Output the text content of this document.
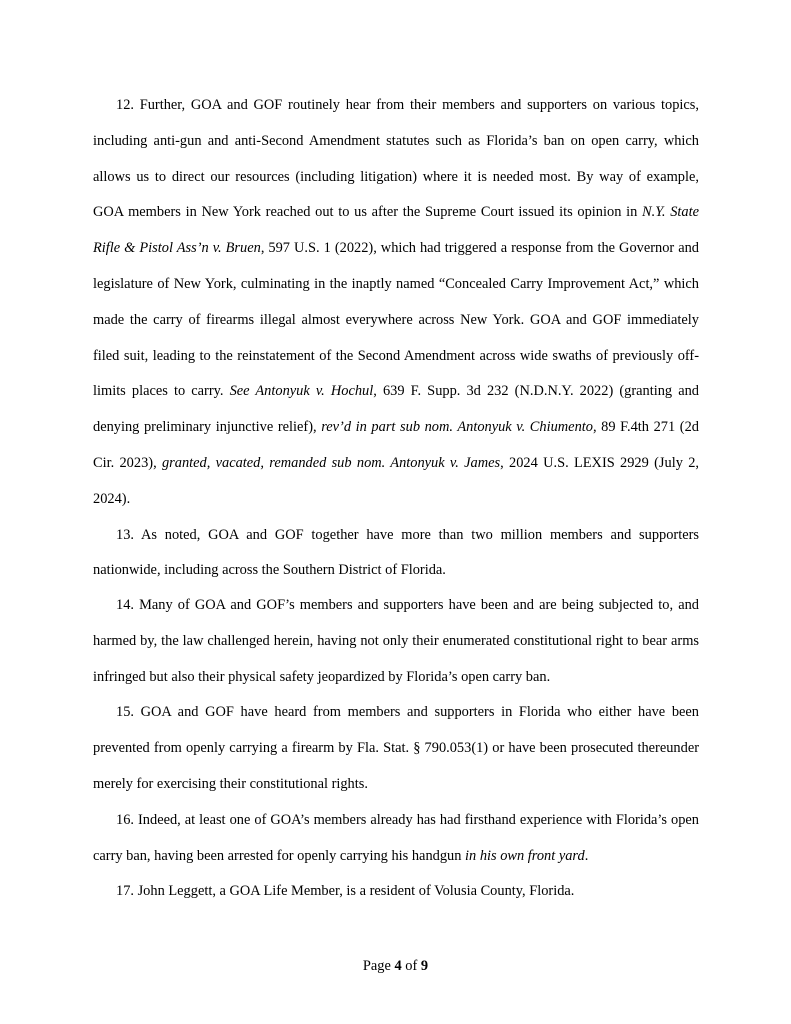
12. Further, GOA and GOF routinely hear from their members and supporters on various topics, including anti-gun and anti-Second Amendment statutes such as Florida’s ban on open carry, which allows us to direct our resources (including litigation) where it is needed most. By way of example, GOA members in New York reached out to us after the Supreme Court issued its opinion in N.Y. State Rifle & Pistol Ass’n v. Bruen, 597 U.S. 1 (2022), which had triggered a response from the Governor and legislature of New York, culminating in the inaptly named “Concealed Carry Improvement Act,” which made the carry of firearms illegal almost everywhere across New York. GOA and GOF immediately filed suit, leading to the reinstatement of the Second Amendment across wide swaths of previously off-limits places to carry. See Antonyuk v. Hochul, 639 F. Supp. 3d 232 (N.D.N.Y. 2022) (granting and denying preliminary injunctive relief), rev’d in part sub nom. Antonyuk v. Chiumento, 89 F.4th 271 (2d Cir. 2023), granted, vacated, remanded sub nom. Antonyuk v. James, 2024 U.S. LEXIS 2929 (July 2, 2024).

13. As noted, GOA and GOF together have more than two million members and supporters nationwide, including across the Southern District of Florida.

14. Many of GOA and GOF’s members and supporters have been and are being subjected to, and harmed by, the law challenged herein, having not only their enumerated constitutional right to bear arms infringed but also their physical safety jeopardized by Florida’s open carry ban.

15. GOA and GOF have heard from members and supporters in Florida who either have been prevented from openly carrying a firearm by Fla. Stat. § 790.053(1) or have been prosecuted thereunder merely for exercising their constitutional rights.

16. Indeed, at least one of GOA’s members already has had firsthand experience with Florida’s open carry ban, having been arrested for openly carrying his handgun in his own front yard.

17. John Leggett, a GOA Life Member, is a resident of Volusia County, Florida.

Page 4 of 9
